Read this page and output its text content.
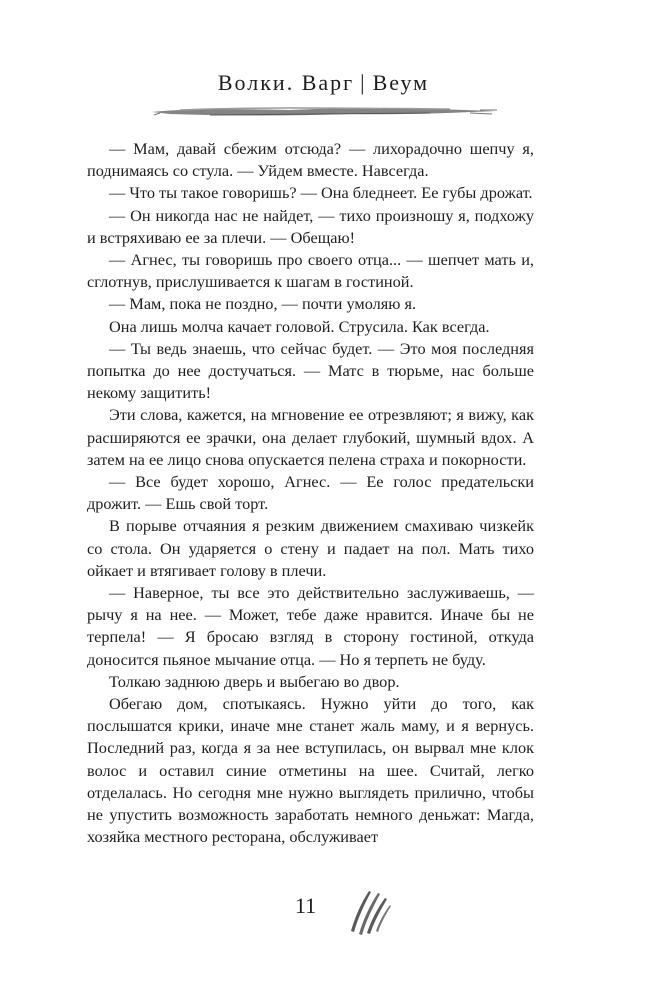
Волки. Варг | Веум

— Мам, давай сбежим отсюда? — лихорадочно шепчу я, поднимаясь со стула. — Уйдем вместе. Навсегда.

— Что ты такое говоришь? — Она бледнеет. Ее губы дрожат.

— Он никогда нас не найдет, — тихо произношу я, подхожу и встряхиваю ее за плечи. — Обещаю!

— Агнес, ты говоришь про своего отца... — шепчет мать и, сглотнув, прислушивается к шагам в гостиной.

— Мам, пока не поздно, — почти умоляю я.

Она лишь молча качает головой. Струсила. Как всегда.

— Ты ведь знаешь, что сейчас будет. — Это моя последняя попытка до нее достучаться. — Матс в тюрьме, нас больше некому защитить!

Эти слова, кажется, на мгновение ее отрезвляют; я вижу, как расширяются ее зрачки, она делает глубокий, шумный вдох. А затем на ее лицо снова опускается пелена страха и покорности.

— Все будет хорошо, Агнес. — Ее голос предательски дрожит. — Ешь свой торт.

В порыве отчаяния я резким движением смахиваю чизкейк со стола. Он ударяется о стену и падает на пол. Мать тихо ойкает и втягивает голову в плечи.

— Наверное, ты все это действительно заслуживаешь, — рычу я на нее. — Может, тебе даже нравится. Иначе бы не терпела! — Я бросаю взгляд в сторону гостиной, откуда доносится пьяное мычание отца. — Но я терпеть не буду.

Толкаю заднюю дверь и выбегаю во двор.

Обегаю дом, спотыкаясь. Нужно уйти до того, как послышатся крики, иначе мне станет жаль маму, и я вернусь. Последний раз, когда я за нее вступилась, он вырвал мне клок волос и оставил синие отметины на шее. Считай, легко отделалась. Но сегодня мне нужно выглядеть прилично, чтобы не упустить возможность заработать немного деньжат: Магда, хозяйка местного ресторана, обслуживает

11
